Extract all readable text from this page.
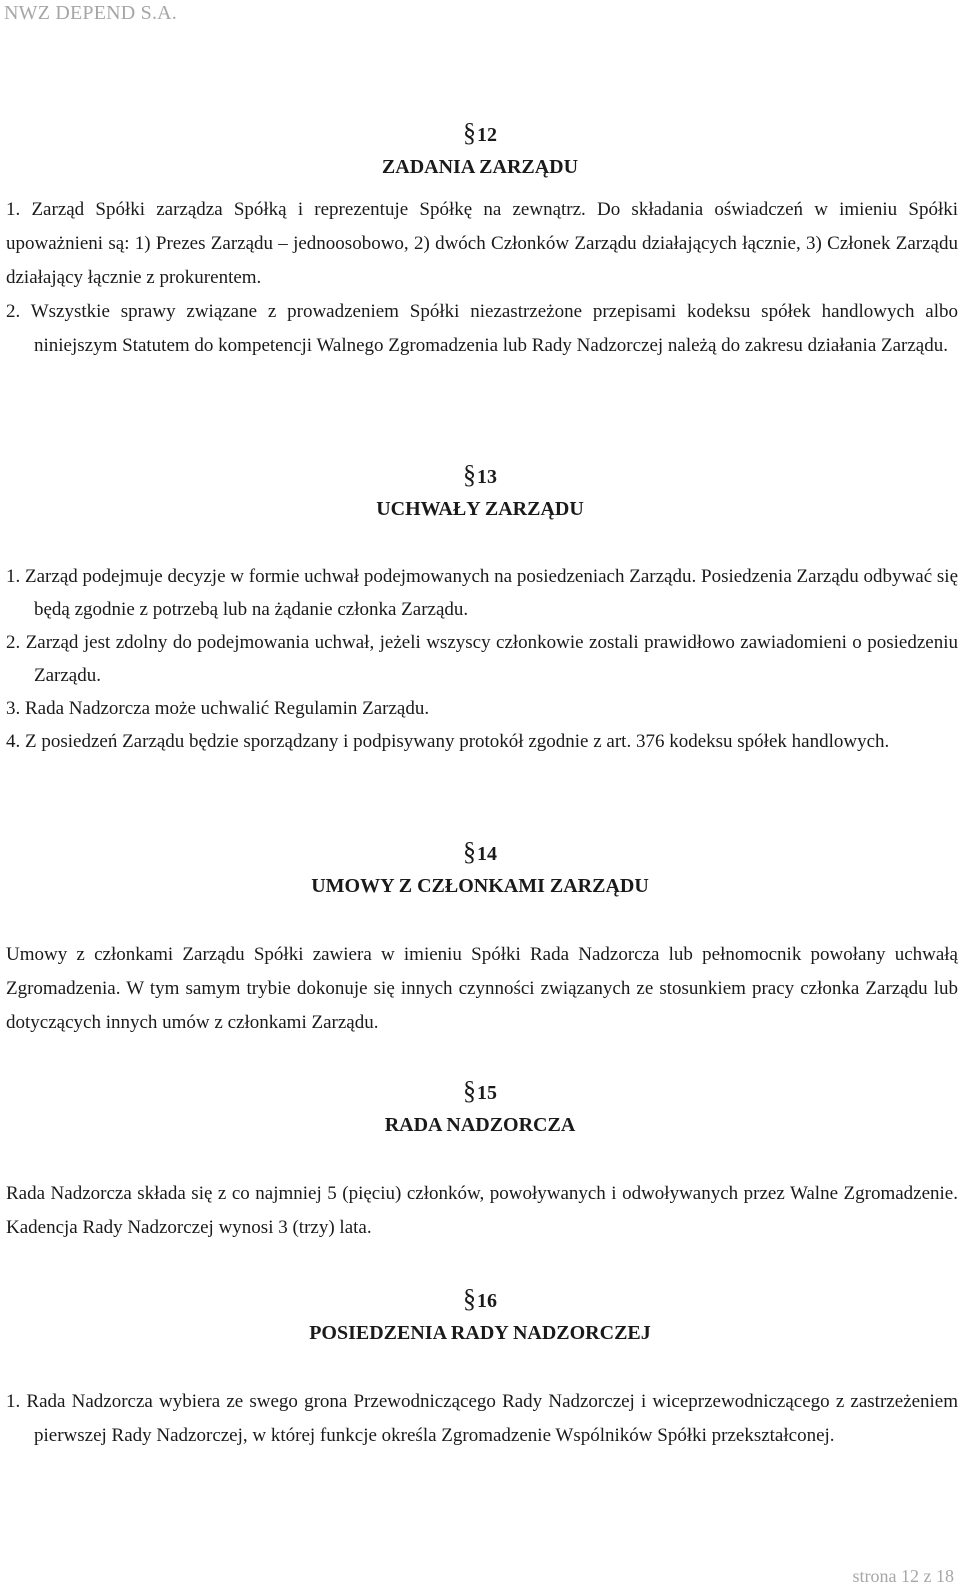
NWZ DEPEND S.A.
§12
ZADANIA ZARZĄDU

1. Zarząd Spółki zarządza Spółką i reprezentuje Spółkę na zewnątrz. Do składania oświadczeń w imieniu Spółki upoważnieni są: 1) Prezes Zarządu – jednoosobowo, 2) dwóch Członków Zarządu działających łącznie, 3) Członek Zarządu działający łącznie z prokurentem.

2. Wszystkie sprawy związane z prowadzeniem Spółki niezastrzeżone przepisami kodeksu spółek handlowych albo niniejszym Statutem do kompetencji Walnego Zgromadzenia lub Rady Nadzorczej należą do zakresu działania Zarządu.

§13
UCHWAŁY ZARZĄDU

1. Zarząd podejmuje decyzje w formie uchwał podejmowanych na posiedzeniach Zarządu. Posiedzenia Zarządu odbywać się będą zgodnie z potrzebą lub na żądanie członka Zarządu.

2. Zarząd jest zdolny do podejmowania uchwał, jeżeli wszyscy członkowie zostali prawidłowo zawiadomieni o posiedzeniu Zarządu.

3. Rada Nadzorcza może uchwalić Regulamin Zarządu.

4. Z posiedzeń Zarządu będzie sporządzany i podpisywany protokół zgodnie z art. 376 kodeksu spółek handlowych.

§14
UMOWY Z CZŁONKAMI ZARZĄDU

Umowy z członkami Zarządu Spółki zawiera w imieniu Spółki Rada Nadzorcza lub pełnomocnik powołany uchwałą Zgromadzenia. W tym samym trybie dokonuje się innych czynności związanych ze stosunkiem pracy członka Zarządu lub dotyczących innych umów z członkami Zarządu.

§15
RADA NADZORCZA

Rada Nadzorcza składa się z co najmniej 5 (pięciu) członków, powoływanych i odwoływanych przez Walne Zgromadzenie. Kadencja Rady Nadzorczej wynosi 3 (trzy) lata.

§16
POSIEDZENIA RADY NADZORCZEJ

1. Rada Nadzorcza wybiera ze swego grona Przewodniczącego Rady Nadzorczej i wiceprzewodniczącego z zastrzeżeniem pierwszej Rady Nadzorczej, w której funkcje określa Zgromadzenie Wspólników Spółki przekształconej.

strona 12 z 18
